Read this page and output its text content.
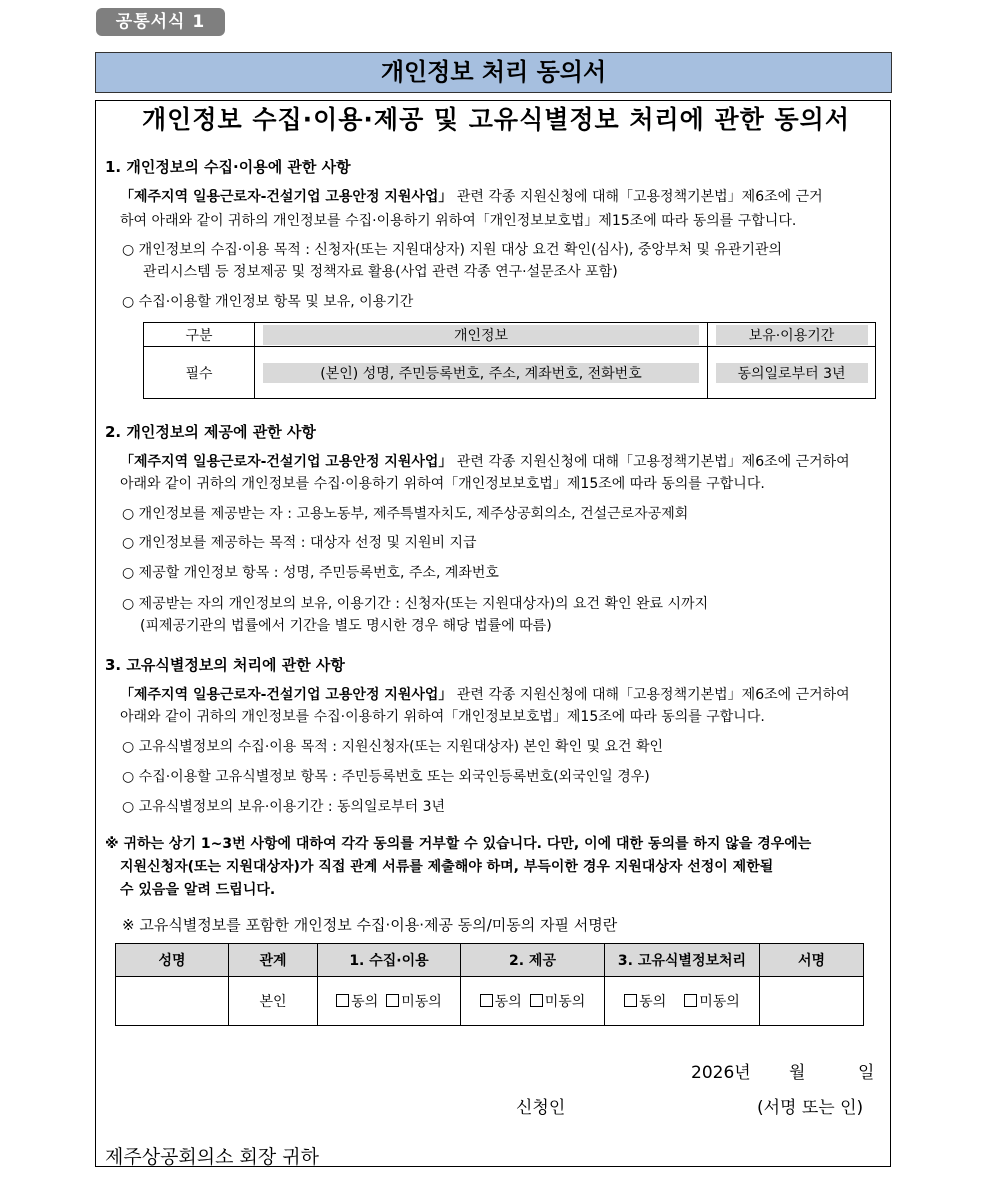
공통서식 1
개인정보 처리 동의서
개인정보 수집·이용·제공 및 고유식별정보 처리에 관한 동의서
1. 개인정보의 수집·이용에 관한 사항
「제주지역 일용근로자-건설기업 고용안정 지원사업」 관련 각종 지원신청에 대해「고용정책기본법」제6조에 근거
하여 아래와 같이 귀하의 개인정보를 수집·이용하기 위하여「개인정보보호법」제15조에 따라 동의를 구합니다.
○ 개인정보의 수집·이용 목적 : 신청자(또는 지원대상자) 지원 대상 요건 확인(심사), 중앙부처 및 유관기관의
관리시스템 등 정보제공 및 정책자료 활용(사업 관련 각종 연구·설문조사 포함)
○ 수집·이용할 개인정보 항목 및 보유, 이용기간
구분	개인정보	보유·이용기간
필수	(본인) 성명, 주민등록번호, 주소, 계좌번호, 전화번호	동의일로부터 3년
2. 개인정보의 제공에 관한 사항
「제주지역 일용근로자-건설기업 고용안정 지원사업」 관련 각종 지원신청에 대해「고용정책기본법」제6조에 근거하여
아래와 같이 귀하의 개인정보를 수집·이용하기 위하여「개인정보보호법」제15조에 따라 동의를 구합니다.
○ 개인정보를 제공받는 자 : 고용노동부, 제주특별자치도, 제주상공회의소, 건설근로자공제회
○ 개인정보를 제공하는 목적 : 대상자 선정 및 지원비 지급
○ 제공할 개인정보 항목 : 성명, 주민등록번호, 주소, 계좌번호
○ 제공받는 자의 개인정보의 보유, 이용기간 : 신청자(또는 지원대상자)의 요건 확인 완료 시까지
(피제공기관의 법률에서 기간을 별도 명시한 경우 해당 법률에 따름)
3. 고유식별정보의 처리에 관한 사항
「제주지역 일용근로자-건설기업 고용안정 지원사업」 관련 각종 지원신청에 대해「고용정책기본법」제6조에 근거하여
아래와 같이 귀하의 개인정보를 수집·이용하기 위하여「개인정보보호법」제15조에 따라 동의를 구합니다.
○ 고유식별정보의 수집·이용 목적 : 지원신청자(또는 지원대상자) 본인 확인 및 요건 확인
○ 수집·이용할 고유식별정보 항목 : 주민등록번호 또는 외국인등록번호(외국인일 경우)
○ 고유식별정보의 보유·이용기간 : 동의일로부터 3년
※ 귀하는 상기 1~3번 사항에 대하여 각각 동의를 거부할 수 있습니다. 다만, 이에 대한 동의를 하지 않을 경우에는
지원신청자(또는 지원대상자)가 직접 관계 서류를 제출해야 하며, 부득이한 경우 지원대상자 선정이 제한될
수 있음을 알려 드립니다.
※ 고유식별정보를 포함한 개인정보 수집·이용·제공 동의/미동의 자필 서명란
성명	관계	1. 수집·이용	2. 제공	3. 고유식별정보처리	서명
	본인	동의 미동의	동의 미동의	동의 미동의	

2026년 월	일
신청인	(서명 또는 인)
제주상공회의소 회장 귀하
